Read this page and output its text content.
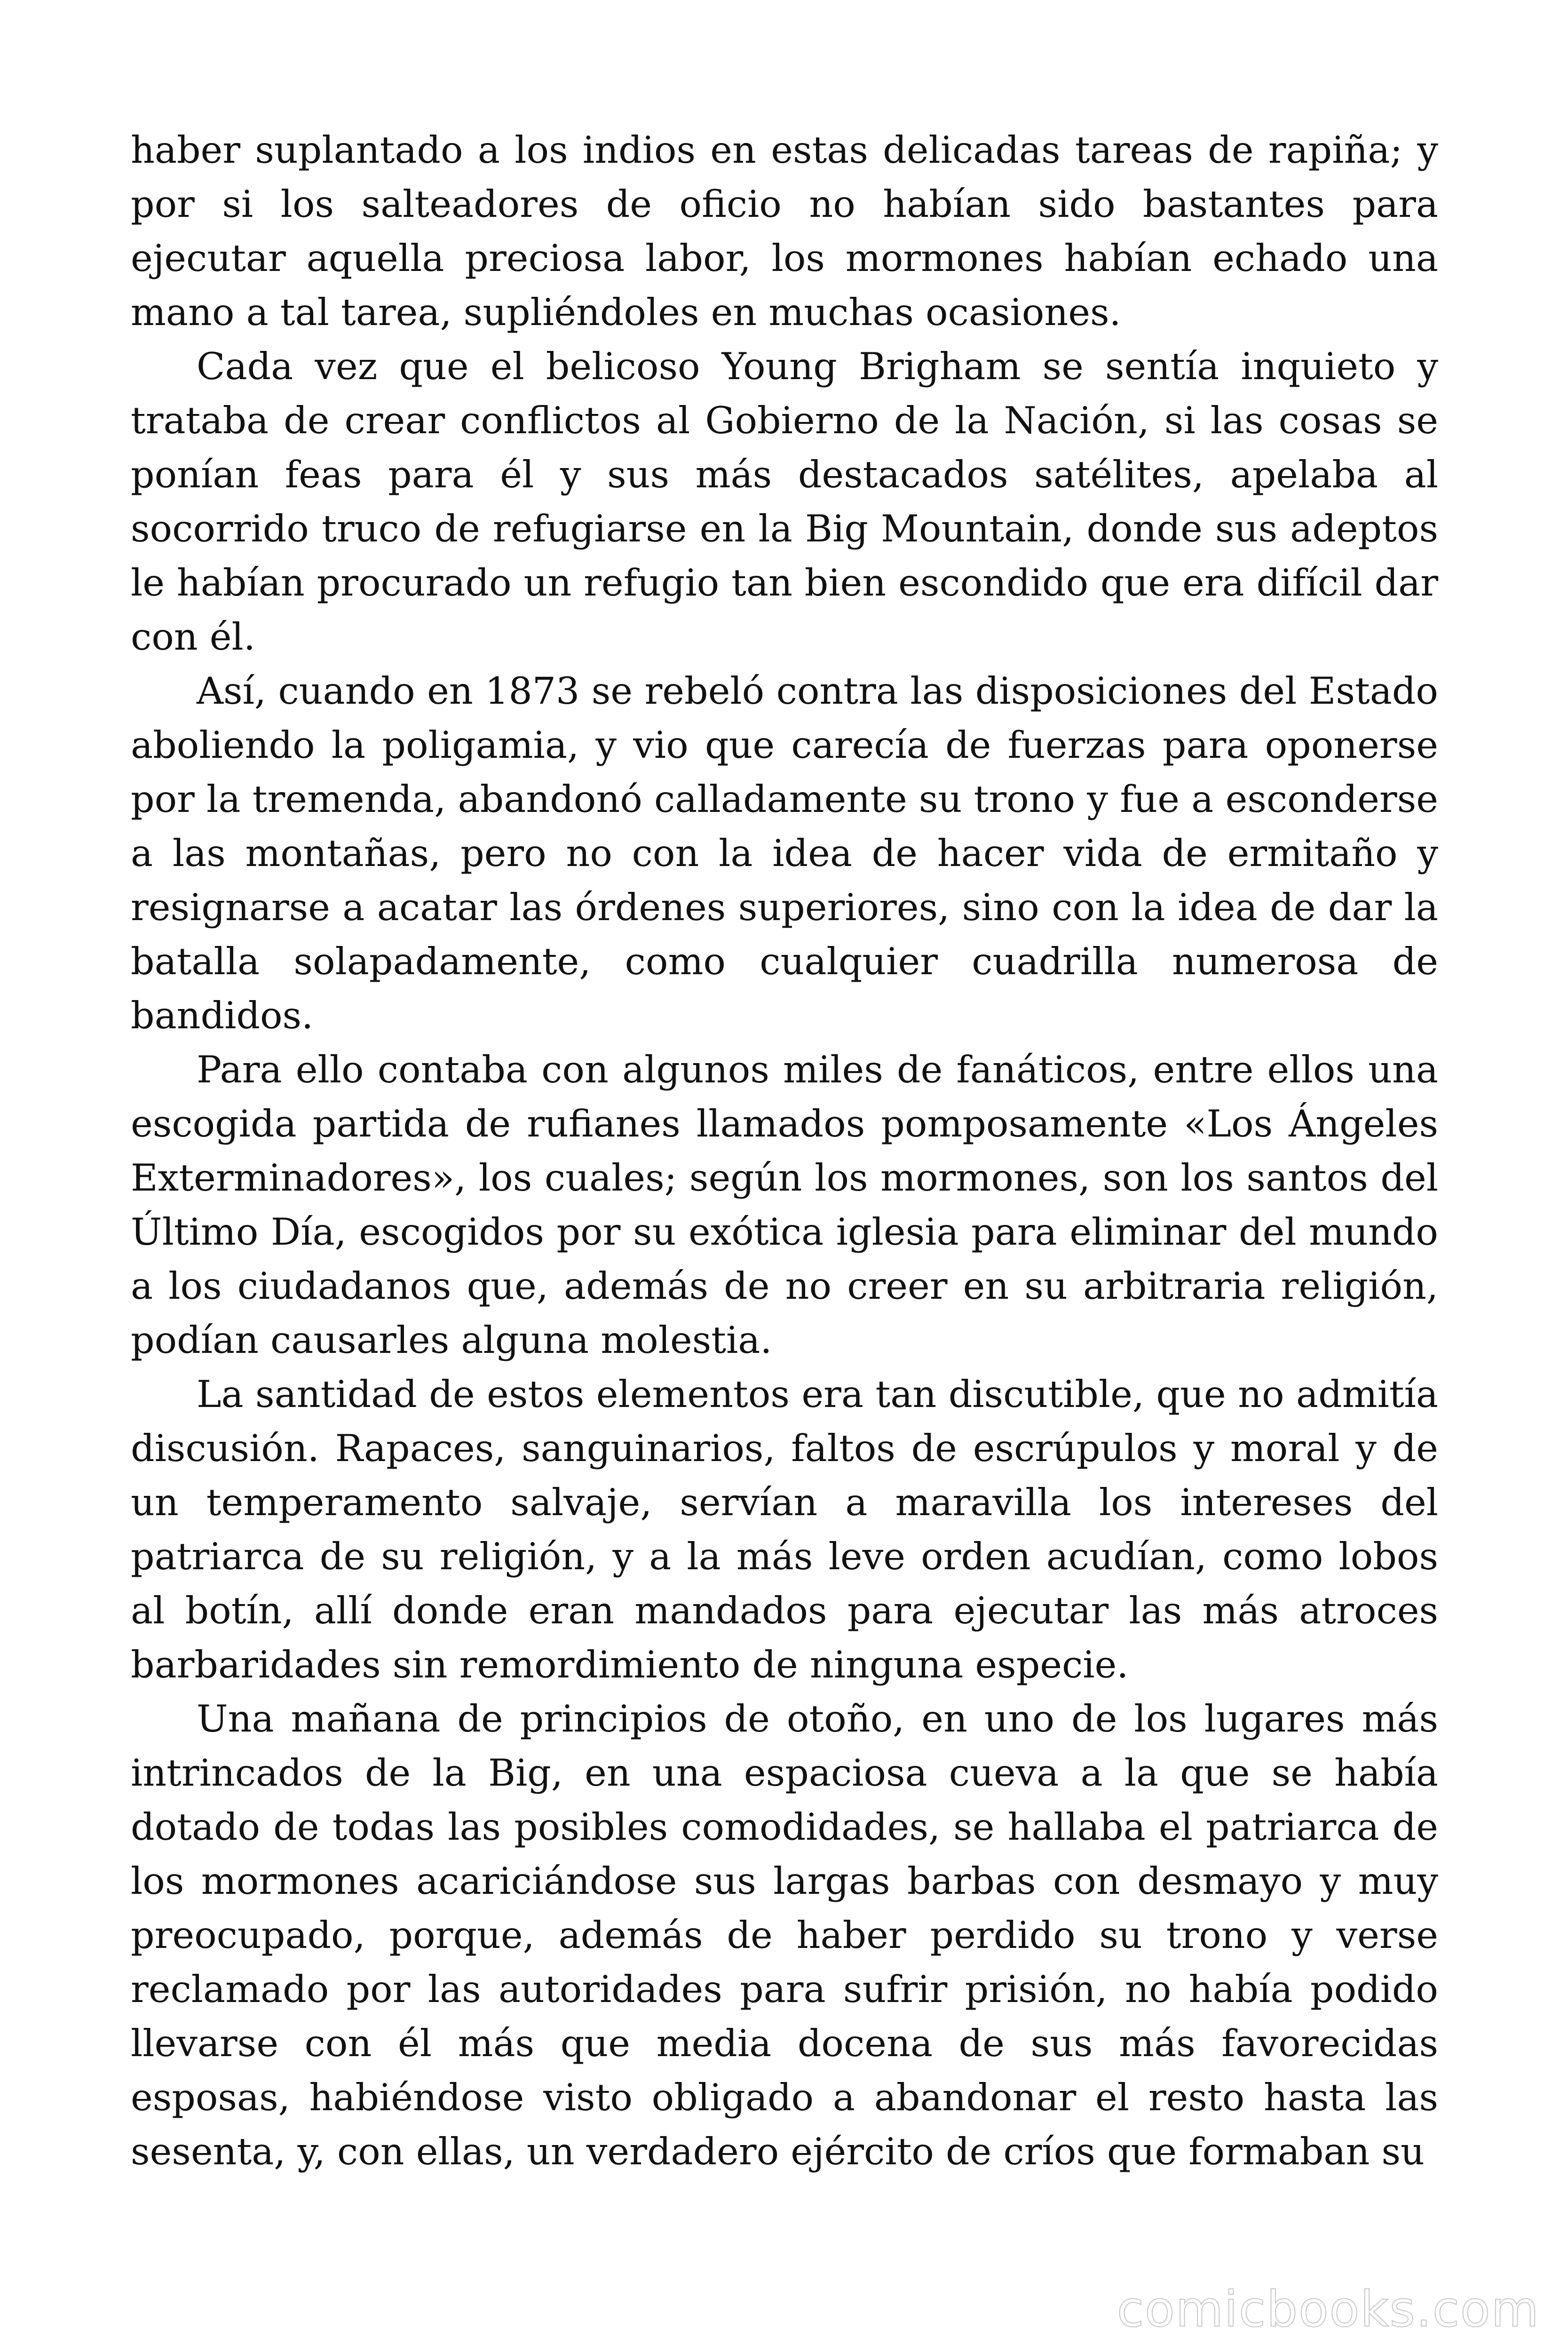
haber suplantado a los indios en estas delicadas tareas de rapiña; y por si los salteadores de oficio no habían sido bastantes para ejecutar aquella preciosa labor, los mormones habían echado una mano a tal tarea, supliéndoles en muchas ocasiones.

Cada vez que el belicoso Young Brigham se sentía inquieto y trataba de crear conflictos al Gobierno de la Nación, si las cosas se ponían feas para él y sus más destacados satélites, apelaba al socorrido truco de refugiarse en la Big Mountain, donde sus adeptos le habían procurado un refugio tan bien escondido que era difícil dar con él.

Así, cuando en 1873 se rebeló contra las disposiciones del Estado aboliendo la poligamia, y vio que carecía de fuerzas para oponerse por la tremenda, abandonó calladamente su trono y fue a esconderse a las montañas, pero no con la idea de hacer vida de ermitaño y resignarse a acatar las órdenes superiores, sino con la idea de dar la batalla solapadamente, como cualquier cuadrilla numerosa de bandidos.

Para ello contaba con algunos miles de fanáticos, entre ellos una escogida partida de rufianes llamados pomposamente «Los Ángeles Exterminadores», los cuales; según los mormones, son los santos del Último Día, escogidos por su exótica iglesia para eliminar del mundo a los ciudadanos que, además de no creer en su arbitraria religión, podían causarles alguna molestia.

La santidad de estos elementos era tan discutible, que no admitía discusión. Rapaces, sanguinarios, faltos de escrúpulos y moral y de un temperamento salvaje, servían a maravilla los intereses del patriarca de su religión, y a la más leve orden acudían, como lobos al botín, allí donde eran mandados para ejecutar las más atroces barbaridades sin remordimiento de ninguna especie.

Una mañana de principios de otoño, en uno de los lugares más intrincados de la Big, en una espaciosa cueva a la que se había dotado de todas las posibles comodidades, se hallaba el patriarca de los mormones acariciándose sus largas barbas con desmayo y muy preocupado, porque, además de haber perdido su trono y verse reclamado por las autoridades para sufrir prisión, no había podido llevarse con él más que media docena de sus más favorecidas esposas, habiéndose visto obligado a abandonar el resto hasta las sesenta, y, con ellas, un verdadero ejército de críos que formaban su

comicbooks.com
